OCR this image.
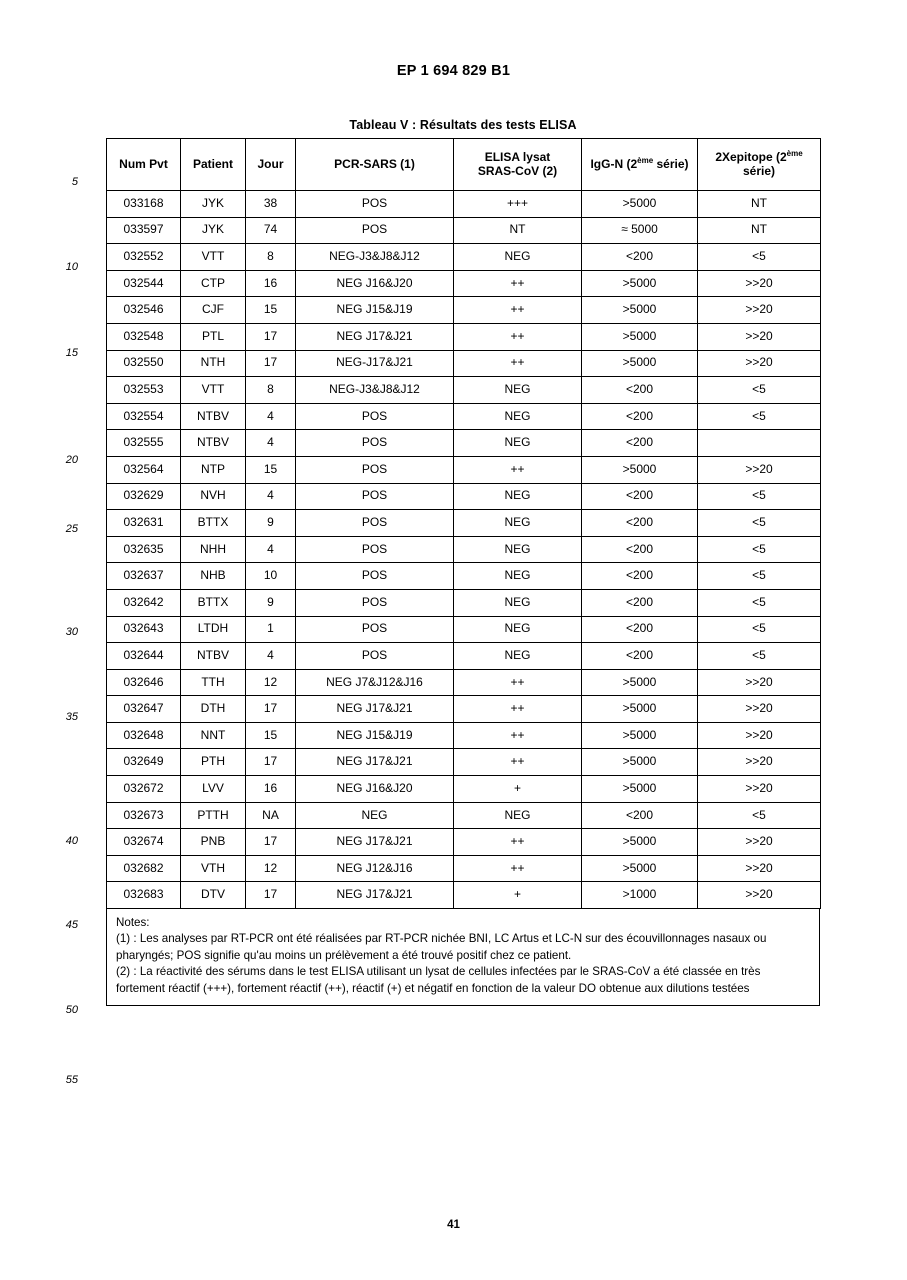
EP 1 694 829 B1
5
10
15
20
25
30
35
40
45
50
55
Tableau V : Résultats des tests ELISA
Num Pvt	Patient	Jour	PCR-SARS (1)	ELISA lysat
SRAS-CoV (2)	IgG-N (2ème série)	2Xepitope (2ème série)
033168	JYK	38	POS	+++	>5000	NT
033597	JYK	74	POS	NT	≈ 5000	NT
032552	VTT	8	NEG-J3&J8&J12	NEG	<200	<5
032544	CTP	16	NEG J16&J20	++	>5000	>>20
032546	CJF	15	NEG J15&J19	++	>5000	>>20
032548	PTL	17	NEG J17&J21	++	>5000	>>20
032550	NTH	17	NEG-J17&J21	++	>5000	>>20
032553	VTT	8	NEG-J3&J8&J12	NEG	<200	<5
032554	NTBV	4	POS	NEG	<200	<5
032555	NTBV	4	POS	NEG	<200	
032564	NTP	15	POS	++	>5000	>>20
032629	NVH	4	POS	NEG	<200	<5
032631	BTTX	9	POS	NEG	<200	<5
032635	NHH	4	POS	NEG	<200	<5
032637	NHB	10	POS	NEG	<200	<5
032642	BTTX	9	POS	NEG	<200	<5
032643	LTDH	1	POS	NEG	<200	<5
032644	NTBV	4	POS	NEG	<200	<5
032646	TTH	12	NEG J7&J12&J16	++	>5000	>>20
032647	DTH	17	NEG J17&J21	++	>5000	>>20
032648	NNT	15	NEG J15&J19	++	>5000	>>20
032649	PTH	17	NEG J17&J21	++	>5000	>>20
032672	LVV	16	NEG J16&J20	+	>5000	>>20
032673	PTTH	NA	NEG	NEG	<200	<5
032674	PNB	17	NEG J17&J21	++	>5000	>>20
032682	VTH	12	NEG J12&J16	++	>5000	>>20
032683	DTV	17	NEG J17&J21	+	>1000	>>20

Notes:

(1) : Les analyses par RT-PCR ont été réalisées par RT-PCR nichée BNI, LC Artus et LC-N sur des écouvillonnages nasaux ou pharyngés; POS signifie qu'au moins un prélèvement a été trouvé positif chez ce patient.

(2) : La réactivité des sérums dans le test ELISA utilisant un lysat de cellules infectées par le SRAS-CoV a été classée en très fortement réactif (+++), fortement réactif (++), réactif (+) et négatif en fonction de la valeur DO obtenue aux dilutions testées

41
